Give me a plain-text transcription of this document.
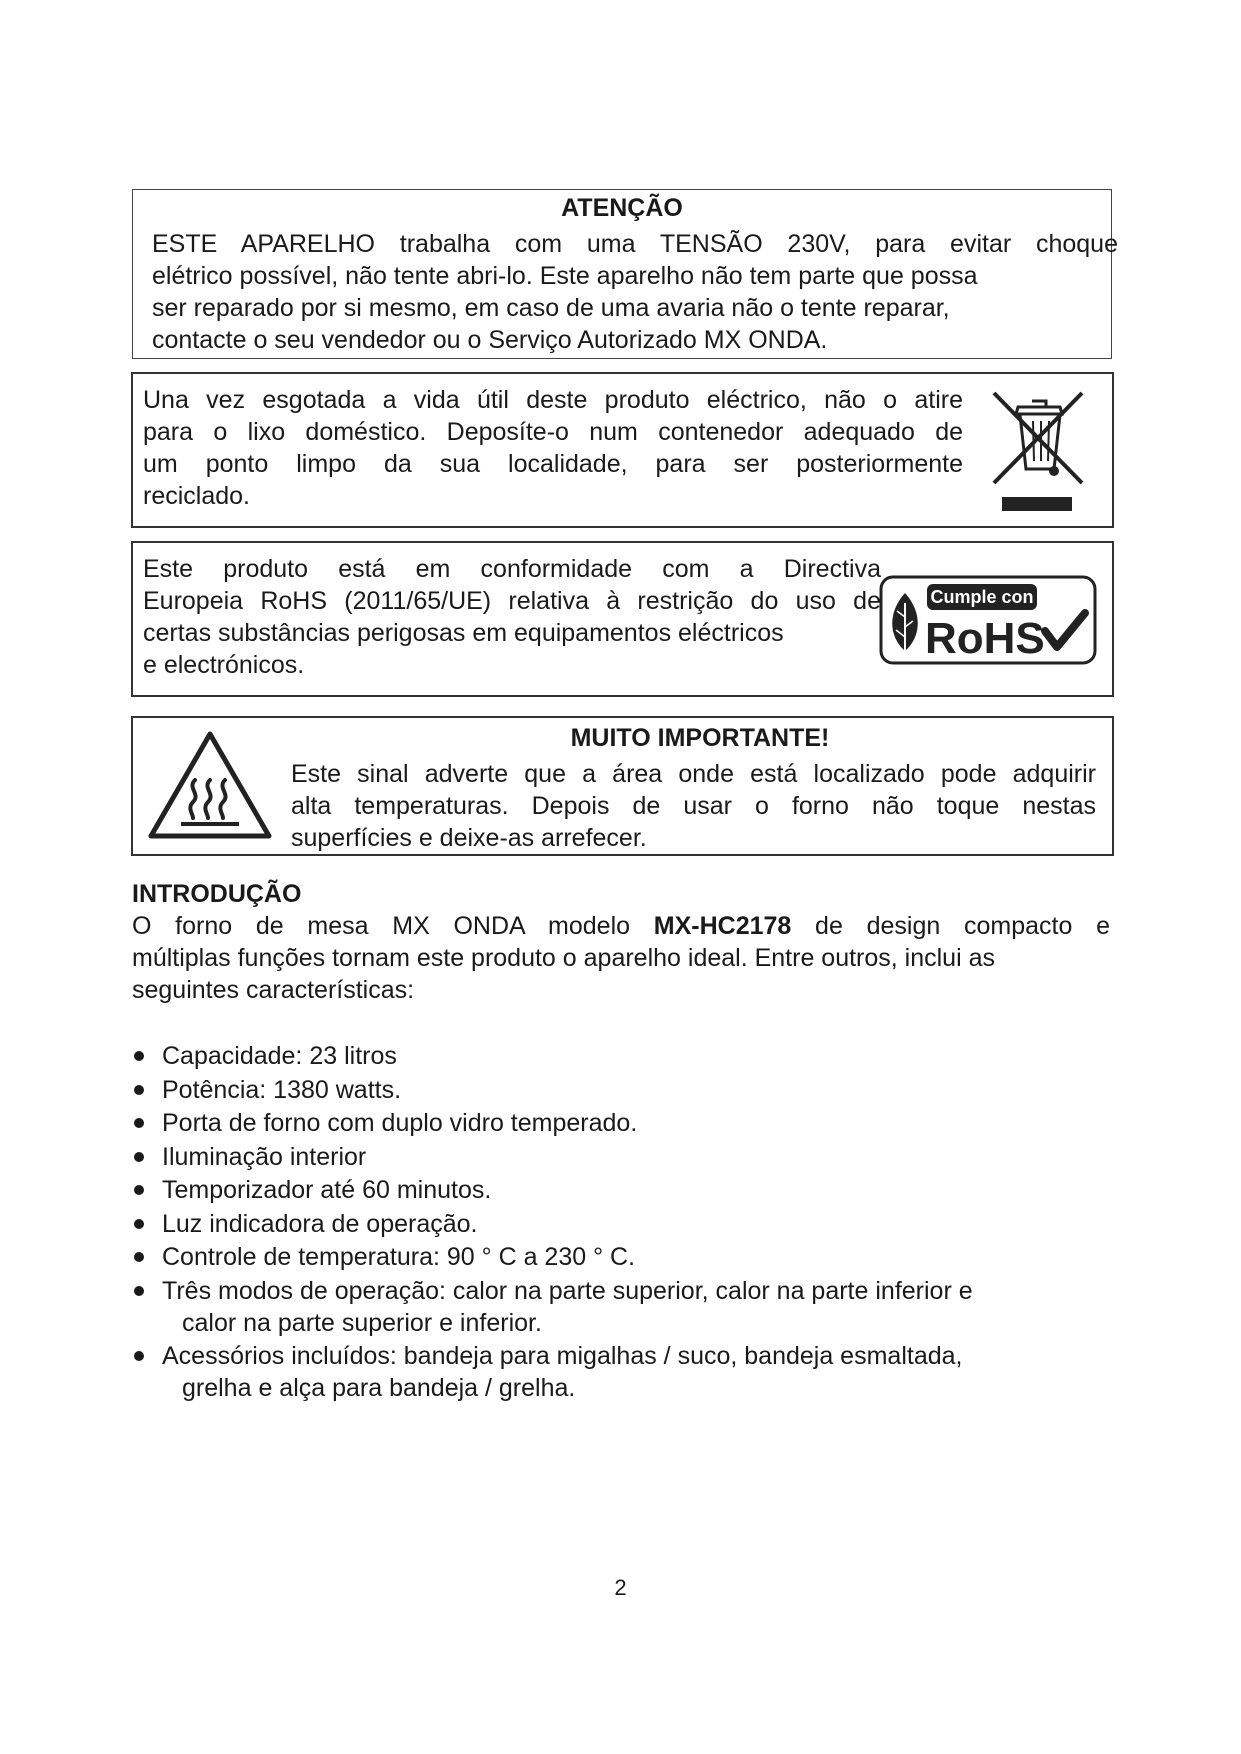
ATENÇÃO

ESTE APARELHO trabalha com uma TENSÃO 230V, para evitar choque

elétrico possível, não tente abri-lo. Este aparelho não tem parte que possa

ser reparado por si mesmo, em caso de uma avaria não o tente reparar,

contacte o seu vendedor ou o Serviço Autorizado MX ONDA.

Una vez esgotada a vida útil deste produto eléctrico, não o atire

para o lixo doméstico. Deposíte-o num contenedor adequado de

um ponto limpo da sua localidade, para ser posteriormente

reciclado.

Este produto está em conformidade com a Directiva

Europeia RoHS (2011/65/UE) relativa à restrição do uso de

certas substâncias perigosas em equipamentos eléctricos

e electrónicos.

Cumple con
RoHS
MUITO IMPORTANTE!

Este sinal adverte que a área onde está localizado pode adquirir

alta temperaturas. Depois de usar o forno não toque nestas

superfícies e deixe-as arrefecer.

INTRODUÇÃO

O forno de mesa MX ONDA modelo MX-HC2178 de design compacto e

múltiplas funções tornam este produto o aparelho ideal. Entre outros, inclui as

seguintes características:

Capacidade: 23 litros
Potência: 1380 watts.
Porta de forno com duplo vidro temperado.
Iluminação interior
Temporizador até 60 minutos.
Luz indicadora de operação.
Controle de temperatura: 90 ° C a 230 ° C.
Três modos de operação: calor na parte superior, calor na parte inferior e
calor na parte superior e inferior.
Acessórios incluídos: bandeja para migalhas / suco, bandeja esmaltada,
grelha e alça para bandeja / grelha.
2
